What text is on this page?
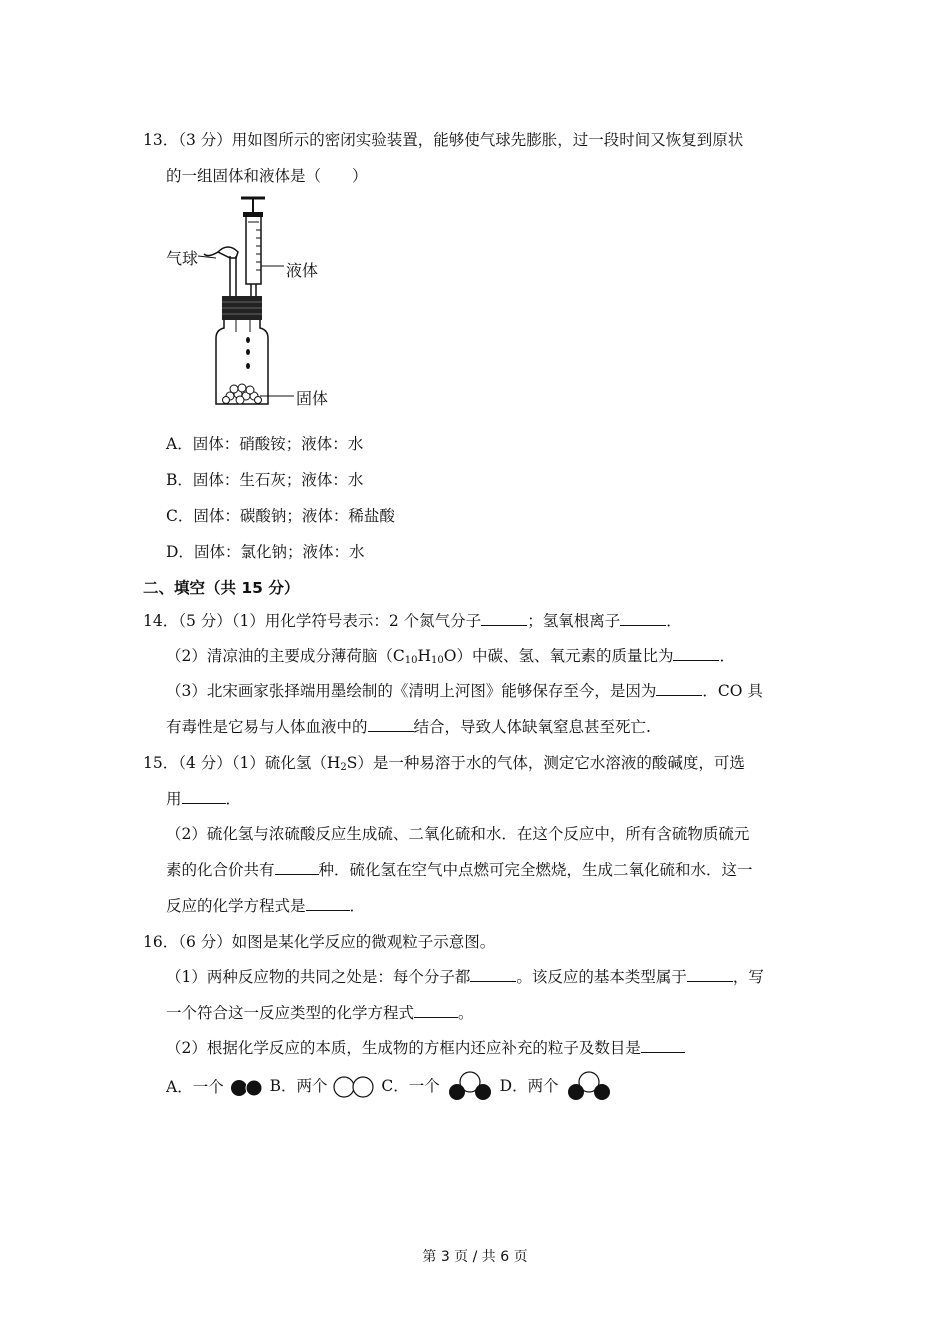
13．（3 分）用如图所示的密闭实验装置，能够使气球先膨胀，过一段时间又恢复到原状
的一组固体和液体是（　　）
气球
液体
固体
A．固体：硝酸铵；液体：水
B．固体：生石灰；液体：水
C．固体：碳酸钠；液体：稀盐酸
D．固体：氯化钠；液体：水
二、填空（共 15 分）
14．（5 分）（1）用化学符号表示：2 个氮气分子	；氢氧根离子	．
（2）清凉油的主要成分薄荷脑$(C_{10}H_{10}O)$中碳、氢、氧元素的质量比为	．
（3）北宋画家张择端用墨绘制的《清明上河图》能够保存至今，是因为	．CO 具
有毒性是它易与人体血液中的	结合，导致人体缺氧窒息甚至死亡.
15．（4 分）（1）硫化氢$(H_2S)$是一种易溶于水的气体，测定它水溶液的酸碱度，可选
用	．
（2）硫化氢与浓硫酸反应生成硫、二氧化硫和水．在这个反应中，所有含硫物质硫元
素的化合价共有	种．硫化氢在空气中点燃可完全燃烧，生成二氧化硫和水．这一
反应的化学方程式是	．
16．（6 分）如图是某化学反应的微观粒子示意图。
（1）两种反应物的共同之处是：每个分子都	。该反应的基本类型属于	，写
一个符合这一反应类型的化学方程式	。
（2）根据化学反应的本质，生成物的方框内还应补充的粒子及数目是
A．一个	B．两个	C．一个	D．两个
第 3 页 / 共 6 页
